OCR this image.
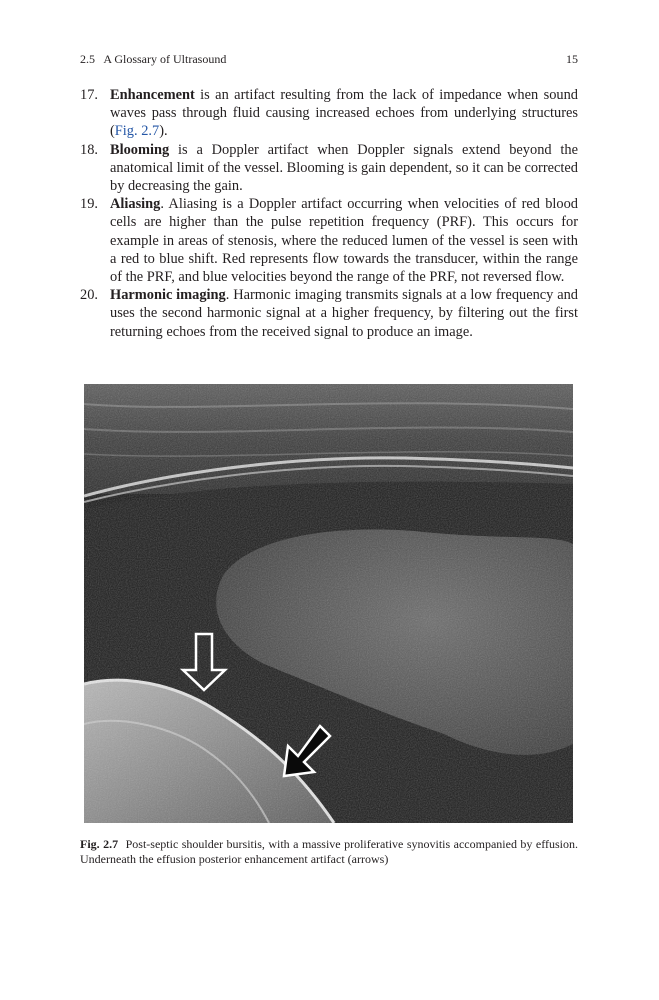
2.5   A Glossary of Ultrasound	15
17. Enhancement is an artifact resulting from the lack of impedance when sound waves pass through fluid causing increased echoes from underlying structures (Fig. 2.7).
18. Blooming is a Doppler artifact when Doppler signals extend beyond the anatomical limit of the vessel. Blooming is gain dependent, so it can be corrected by decreasing the gain.
19. Aliasing. Aliasing is a Doppler artifact occurring when velocities of red blood cells are higher than the pulse repetition frequency (PRF). This occurs for example in areas of stenosis, where the reduced lumen of the vessel is seen with a red to blue shift. Red represents flow towards the transducer, within the range of the PRF, and blue velocities beyond the range of the PRF, not reversed flow.
20. Harmonic imaging. Harmonic imaging transmits signals at a low frequency and uses the second harmonic signal at a higher frequency, by filtering out the first returning echoes from the received signal to produce an image.
Fig. 2.7 Post-septic shoulder bursitis, with a massive proliferative synovitis accompanied by effusion. Underneath the effusion posterior enhancement artifact (arrows)
